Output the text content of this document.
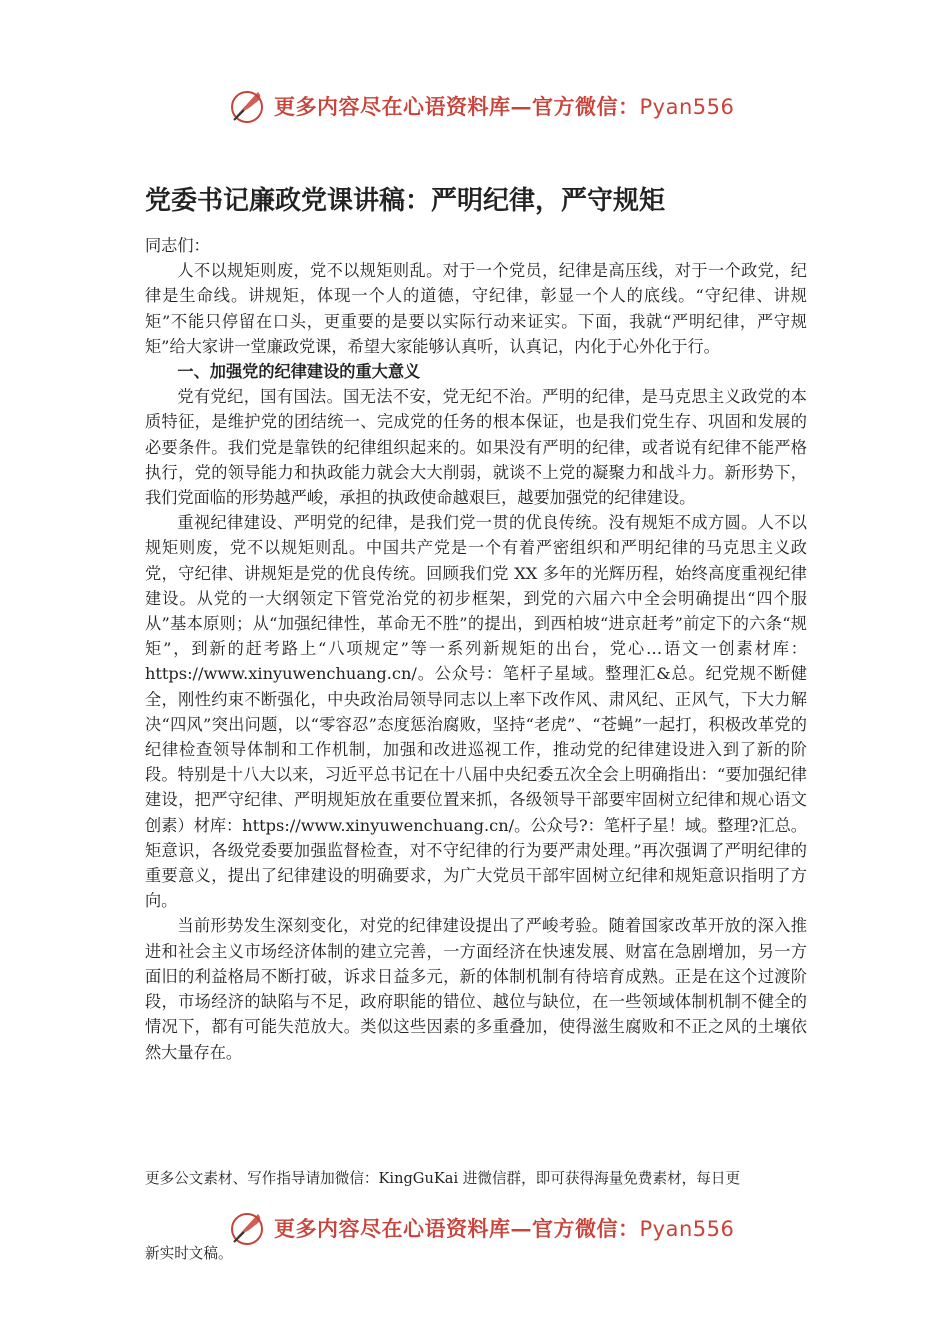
更多内容尽在心语资料库—官方微信：Pyan556
党委书记廉政党课讲稿：严明纪律，严守规矩

同志们：

人不以规矩则废，党不以规矩则乱。对于一个党员，纪律是高压线，对于一个政党，纪律是生命线。讲规矩，体现一个人的道德，守纪律，彰显一个人的底线。“守纪律、讲规矩”不能只停留在口头，更重要的是要以实际行动来证实。下面，我就“严明纪律，严守规矩”给大家讲一堂廉政党课，希望大家能够认真听，认真记，内化于心外化于行。

一、加强党的纪律建设的重大意义

党有党纪，国有国法。国无法不安，党无纪不治。严明的纪律，是马克思主义政党的本质特征，是维护党的团结统一、完成党的任务的根本保证，也是我们党生存、巩固和发展的必要条件。我们党是靠铁的纪律组织起来的。如果没有严明的纪律，或者说有纪律不能严格执行，党的领导能力和执政能力就会大大削弱，就谈不上党的凝聚力和战斗力。新形势下，我们党面临的形势越严峻，承担的执政使命越艰巨，越要加强党的纪律建设。

重视纪律建设、严明党的纪律，是我们党一贯的优良传统。没有规矩不成方圆。人不以规矩则废，党不以规矩则乱。中国共产党是一个有着严密组织和严明纪律的马克思主义政党，守纪律、讲规矩是党的优良传统。回顾我们党 XX 多年的光辉历程，始终高度重视纪律建设。从党的一大纲领定下管党治党的初步框架，到党的六届六中全会明确提出“四个服从”基本原则；从“加强纪律性，革命无不胜”的提出，到西柏坡“进京赶考”前定下的六条“规矩”，到新的赶考路上“八项规定”等一系列新规矩的出台，党心…语文一创素材库：https://www.xinyuwenchuang.cn/。公众号：笔杆子星域。整理汇&总。纪党规不断健全，刚性约束不断强化，中央政治局领导同志以上率下改作风、肃风纪、正风气，下大力解决“四风”突出问题，以“零容忍”态度惩治腐败，坚持“老虎”、“苍蝇”一起打，积极改革党的纪律检查领导体制和工作机制，加强和改进巡视工作，推动党的纪律建设进入到了新的阶段。特别是十八大以来，习近平总书记在十八届中央纪委五次全会上明确指出：“要加强纪律建设，把严守纪律、严明规矩放在重要位置来抓，各级领导干部要牢固树立纪律和规心语文创素）材库：https://www.xinyuwenchuang.cn/。公众号?：笔杆子星！域。整理?汇总。矩意识，各级党委要加强监督检查，对不守纪律的行为要严肃处理。”再次强调了严明纪律的重要意义，提出了纪律建设的明确要求，为广大党员干部牢固树立纪律和规矩意识指明了方向。

当前形势发生深刻变化，对党的纪律建设提出了严峻考验。随着国家改革开放的深入推进和社会主义市场经济体制的建立完善，一方面经济在快速发展、财富在急剧增加，另一方面旧的利益格局不断打破，诉求日益多元，新的体制机制有待培育成熟。正是在这个过渡阶段，市场经济的缺陷与不足，政府职能的错位、越位与缺位，在一些领域体制机制不健全的情况下，都有可能失范放大。类似这些因素的多重叠加，使得滋生腐败和不正之风的土壤依然大量存在。

更多公文素材、写作指导请加微信：KingGuKai 进微信群，即可获得海量免费素材，每日更
更多内容尽在心语资料库—官方微信：Pyan556
新实时文稿。
